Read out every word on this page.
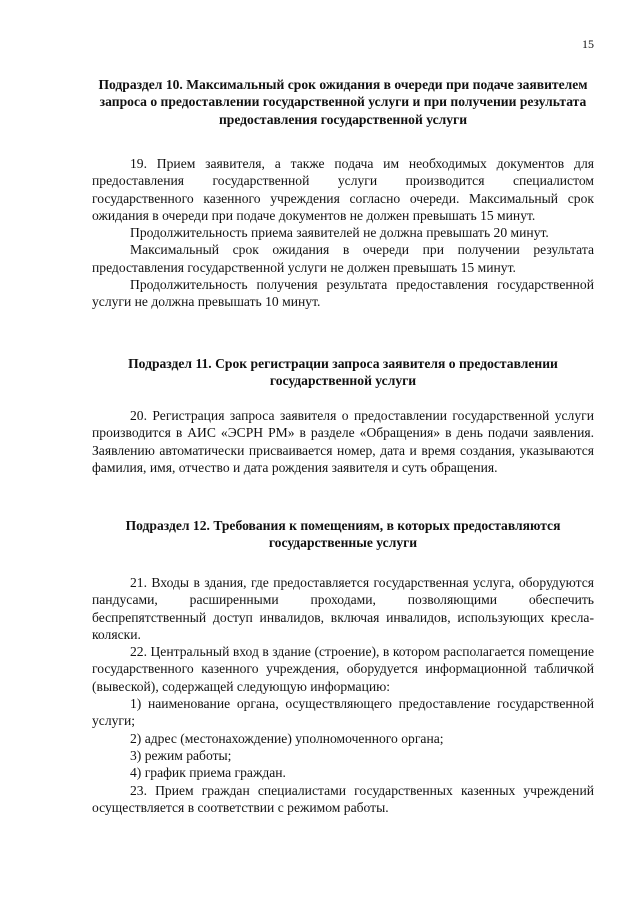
15

Подраздел 10. Максимальный срок ожидания в очереди при подаче заявителем запроса о предоставлении государственной услуги и при получении результата предоставления государственной услуги

19. Прием заявителя, а также подача им необходимых документов для предоставления государственной услуги производится специалистом государственного казенного учреждения согласно очереди. Максимальный срок ожидания в очереди при подаче документов не должен превышать 15 минут.

Продолжительность приема заявителей не должна превышать 20 минут.

Максимальный срок ожидания в очереди при получении результата предоставления государственной услуги не должен превышать 15 минут.

Продолжительность получения результата предоставления государственной услуги не должна превышать 10 минут.

Подраздел 11. Срок регистрации запроса заявителя о предоставлении государственной услуги

20. Регистрация запроса заявителя о предоставлении государственной услуги производится в АИС «ЭСРН РМ» в разделе «Обращения» в день подачи заявления. Заявлению автоматически присваивается номер, дата и время создания, указываются фамилия, имя, отчество и дата рождения заявителя и суть обращения.

Подраздел 12. Требования к помещениям, в которых предоставляются государственные услуги

21. Входы в здания, где предоставляется государственная услуга, оборудуются пандусами, расширенными проходами, позволяющими обеспечить беспрепятственный доступ инвалидов, включая инвалидов, использующих кресла-коляски.

22. Центральный вход в здание (строение), в котором располагается помещение государственного казенного учреждения, оборудуется информационной табличкой (вывеской), содержащей следующую информацию:

1) наименование органа, осуществляющего предоставление государственной услуги;

2) адрес (местонахождение) уполномоченного органа;

3) режим работы;

4) график приема граждан.

23. Прием граждан специалистами государственных казенных учреждений осуществляется в соответствии с режимом работы.
